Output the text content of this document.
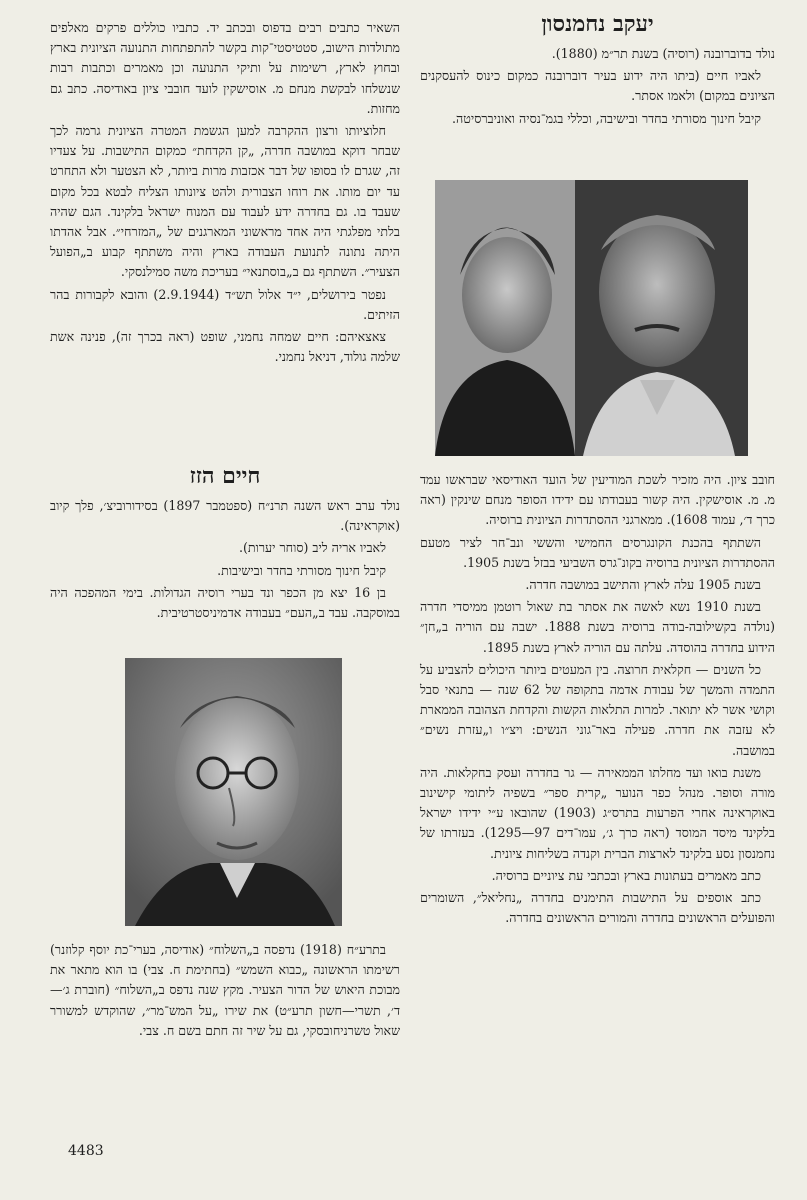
השאיר כתבים רבים בדפוס ובכתב יד. כתביו כוללים פרקים מאלפים מתולדות הישוב, סטטיסטי־קות בקשר להתפתחות התנועה הציונית בארץ ובחוץ לארץ, רשימות על ותיקי התנועה וכן מאמרים וכתבות רבות שנשלחו לבקשת מנחם מ. אוסישקין לועד חובבי ציון באודיסה. כתב גם מחזות.

חלוציותו ורצון ההקרבה למען הגשמת המטרה הציונית גרמה לכך שבחר דוקא במושבה חדרה, „קן הקדחת״ כמקום התישבות. על צעדיו זה, שגרם לו בסופו של דבר אכזבות מרות ביותר, לא הצטער ולא התחרט עד יום מותו. את רוחו הצבורית ולהט ציונותו הצליח לבטא בכל מקום שעבד בו. גם בחדרה ידע לעבוד עם המנוח ישראל בלקינד. הגם שהיה בלתי מפלגתי היה אחד מראשוני המארגנים של „המזרחי״. אבל אהדתו היתה נתונה לתנועת העבודה בארץ והיה משתתף קבוע ב„הפועל הצעיר״. השתתף גם ב„בוסתנאי״ בעריכת משה סמילנסקי.

נפטר בירושלים, י״ד אלול תש״ד (2.9.1944) והובא לקבורות בהר הזיתים.

צאצאיהם: חיים שמחה נחמני, שופט (ראה בכרך זה), פנינה אשת שלמה גולוד, דניאל נחמני.

חיים הזז

נולד ערב ראש השנה תרנ״ח (ספטמבר 1897) בסידורוביצ׳, פלך קיוב (אוקראינה).

לאביו אריה ליב (סוחר יערות).

קיבל חינוך מסורתי בחדר ובישיבות.

בן 16 יצא מן הכפר ונד בערי רוסיה הגדולות. בימי המהפכה היה במוסקבה. עבד ב„העם״ בעבודה אדמיניסטרטיבית.

בתרע״ח (1918) נדפסה ב„השלוח״ (אודיסה, בערי־כת יוסף קלוזנר) רשימתו הראשונה „כבוא השמש״ (בחתימת ח. צבי) בו הוא מתאר את מבוכת היאוש של הדור הצעיר. מקץ שנה נדפס ב„השלוח״ (חוברת ג׳—ד׳, תשרי—חשון תרע״ט) את שירו „על המש־מר״, שהוקדש למשורר שאול טשרניחובסקי, גם על שיר זה חתם בשם ח. צבי.

יעקב נחמנסון

נולד בדוברובנה (רוסיה) בשנת תר״מ (1880).

לאביו חיים (ביתו היה ידוע בעיר דוברובנה כמקום כינוס להעסקנים הציונים במקום) ולאמו אסתר.

קיבל חינוך מסורתי בחדר ובישיבה, וכללי בגמ־נסיה ואוניברסיטה.

חובב ציון. היה מזכיר לשכת המודיעין של הועד האודיסאי שבראשו עמד מ. מ. אוסישקין. היה קשור בעבודתו עם ידידו הסופר מנחם שינקין (ראה כרך ד׳, עמוד 1608). ממארגני ההסתדרות הציונית ברוסיה.

השתתף בהכנת הקונגרסים החמישי והששי ונב־חר לציר מטעם ההסתדרות הציונית ברוסיה בקונ־גרס השביעי בבזל בשנת 1905.

בשנת 1905 עלה לארץ והתישב במושבה חדרה.

בשנת 1910 נשא לאשה את אסתר בת שאול רוטמן ממיסדי חדרה (נולדה בקשילובה-בודה ברוסיה בשנת 1888. ישבה עם הוריה ב„חן״ הידוע בחדרה בהוסדה. עלתה עם הוריה לארץ בשנת 1895.

כל השנים — חקלאית חרוצה. בין המעטים ביותר היכולים להצביע על התמדה והמשך של עבודת אדמה בתקופה של 62 שנה — בתנאי סבל וקושי אשר לא יתואר. למרות התלאות הקשות והקדחת הצהובה הממארת לא עזבה את חדרה. פעילה באר־גוני הנשים: ויצ״ו ו„עזרת נשים״ במושבה.

משנת בואו ועד מחלתו הממאירה — גר בחדרה ועסק בחקלאות. היה מורה וסופר. מנהל כפר הנוער „קרית ספר״ בשפיה ליתומי קישינוב באוקראינה אחרי הפרעות בתרס״ג (1903) שהובאו ע״י ידידו ישראל בלקינד מיסד המוסד (ראה כרך ג׳, עמו־דים 97—1295). בעזרתו של נחמנסון נסע בלקינד לארצות הברית וקנדה בשליחות ציונית.

כתב מאמרים בעתונות בארץ ובכתבי עת ציוניים ברוסיה.

כתב אוספים על התישבות התימנים בחדרה „נחליאל״, השומרים והפועלים הראשונים בחדרה והמורים הראשונים בחדרה.

4483
